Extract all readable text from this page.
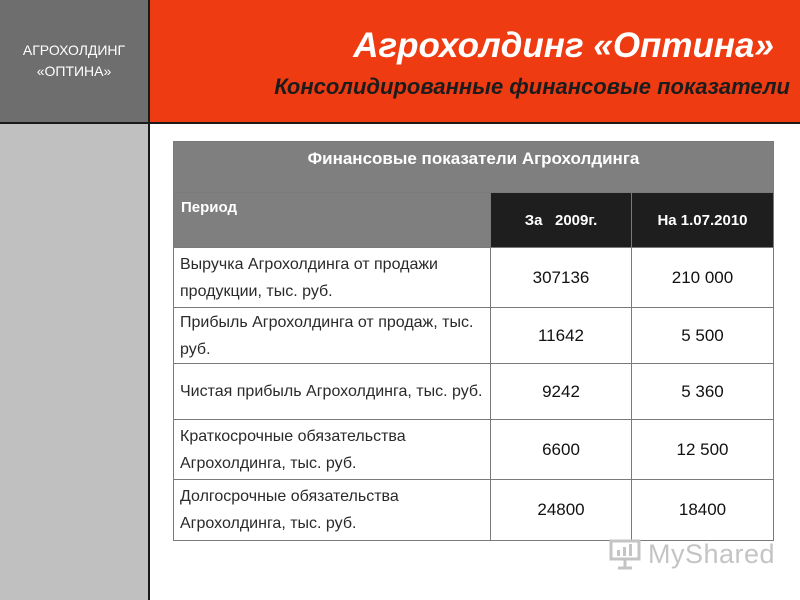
АГРОХОЛДИНГ
«ОПТИНА»
Агрохолдинг «Оптина»
Консолидированные финансовые показатели
Финансовые показатели Агрохолдинга		
Период	За   2009г.	На 1.07.2010
Выручка Агрохолдинга от продажи продукции, тыс. руб.	307136	210 000
Прибыль Агрохолдинга от продаж, тыс. руб.	11642	5 500
Чистая прибыль Агрохолдинга, тыс. руб.	9242	5 360
Краткосрочные обязательства Агрохолдинга, тыс. руб.	6600	12 500
Долгосрочные обязательства Агрохолдинга, тыс. руб.	24800	18400
MyShared
